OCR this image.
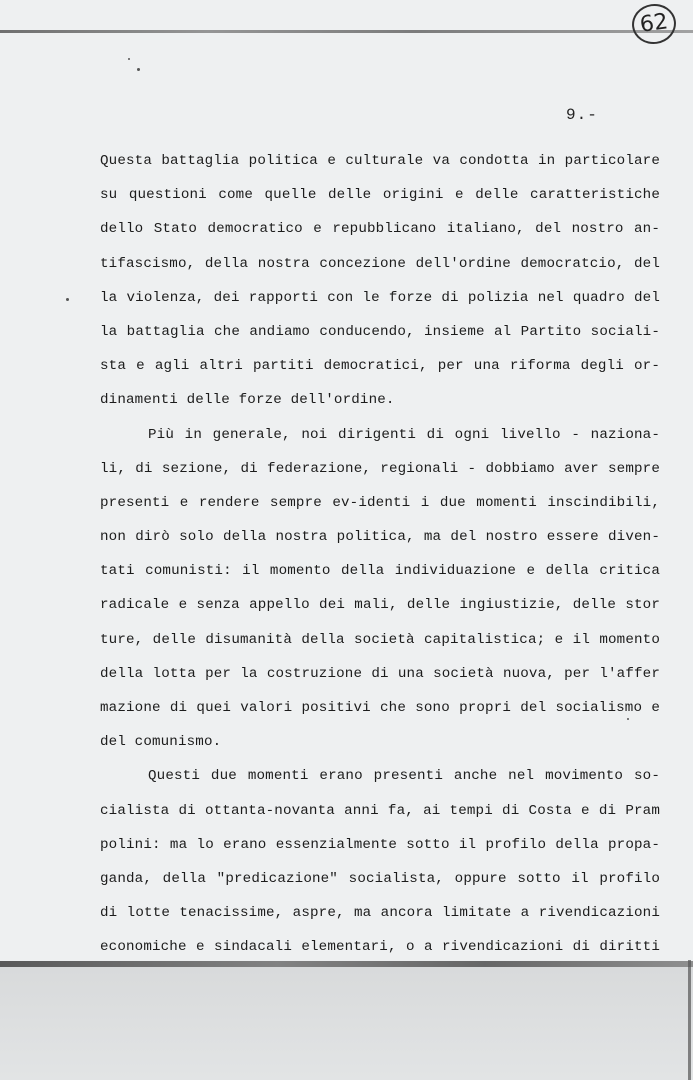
62
9.-
Questa battaglia politica e culturale va condotta in particolare
su questioni come quelle delle origini e delle caratteristiche
dello Stato democratico e repubblicano italiano, del nostro an-
tifascismo, della nostra concezione dell'ordine democratcio, del
la violenza, dei rapporti con le forze di polizia nel quadro del
la battaglia che andiamo conducendo, insieme al Partito sociali-
sta e agli altri partiti democratici, per una riforma degli or-
dinamenti delle forze dell'ordine.
Più in generale, noi dirigenti di ogni livello - naziona-
li, di sezione, di federazione, regionali - dobbiamo aver sempre
presenti e rendere sempre ev-identi i due momenti inscindibili,
non dirò solo della nostra politica, ma del nostro essere diven-
tati comunisti: il momento della individuazione e della critica
radicale e senza appello dei mali, delle ingiustizie, delle stor
ture, delle disumanità della società capitalistica; e il momento
della lotta per la costruzione di una società nuova, per l'affer
mazione di quei valori positivi che sono propri del socialismo e
del comunismo.
Questi due momenti erano presenti anche nel movimento so-
cialista di ottanta-novanta anni fa, ai tempi di Costa e di Pram
polini: ma lo erano essenzialmente sotto il profilo della propa-
ganda, della "predicazione" socialista, oppure sotto il profilo
di lotte tenacissime, aspre, ma ancora limitate a rivendicazioni
economiche e sindacali elementari, o a rivendicazioni di diritti
